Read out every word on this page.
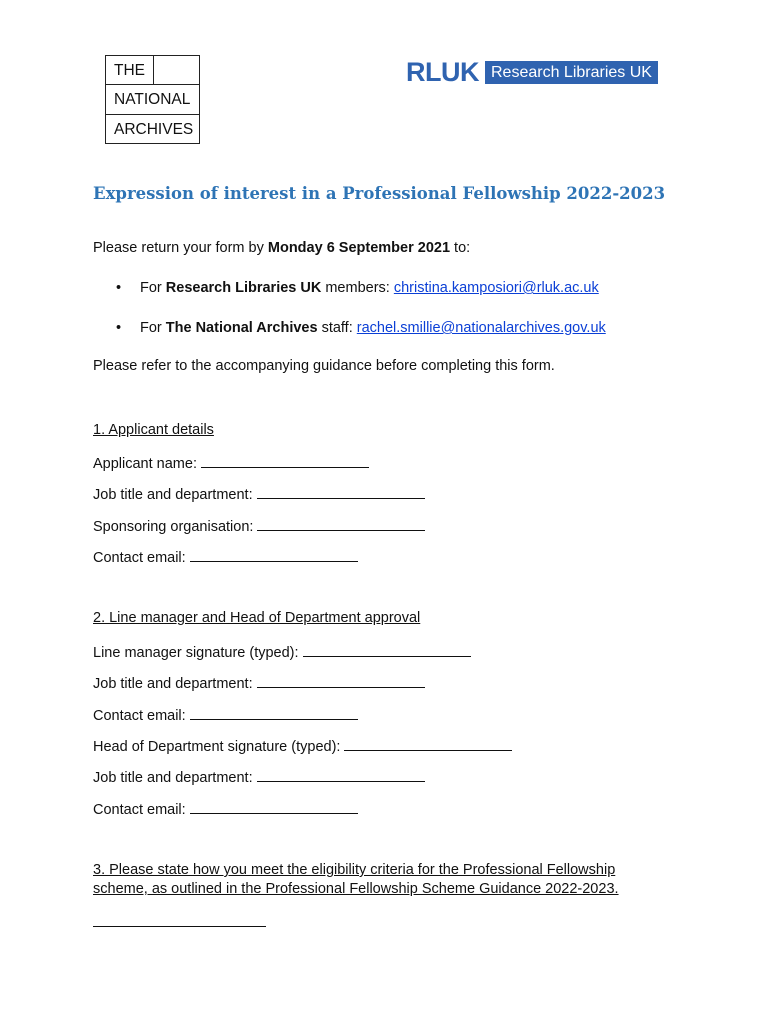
THE
NATIONAL
ARCHIVES
RLUK Research Libraries UK
Expression of interest in a Professional Fellowship 2022-2023
Please return your form by Monday 6 September 2021 to:
• For Research Libraries UK members: christina.kamposiori@rluk.ac.uk
• For The National Archives staff: rachel.smillie@nationalarchives.gov.uk
Please refer to the accompanying guidance before completing this form.
1. Applicant details
Applicant name:
Job title and department:
Sponsoring organisation:
Contact email:
2. Line manager and Head of Department approval
Line manager signature (typed):
Job title and department:
Contact email:
Head of Department signature (typed):
Job title and department:
Contact email:
3. Please state how you meet the eligibility criteria for the Professional Fellowship
scheme, as outlined in the Professional Fellowship Scheme Guidance 2022-2023.
